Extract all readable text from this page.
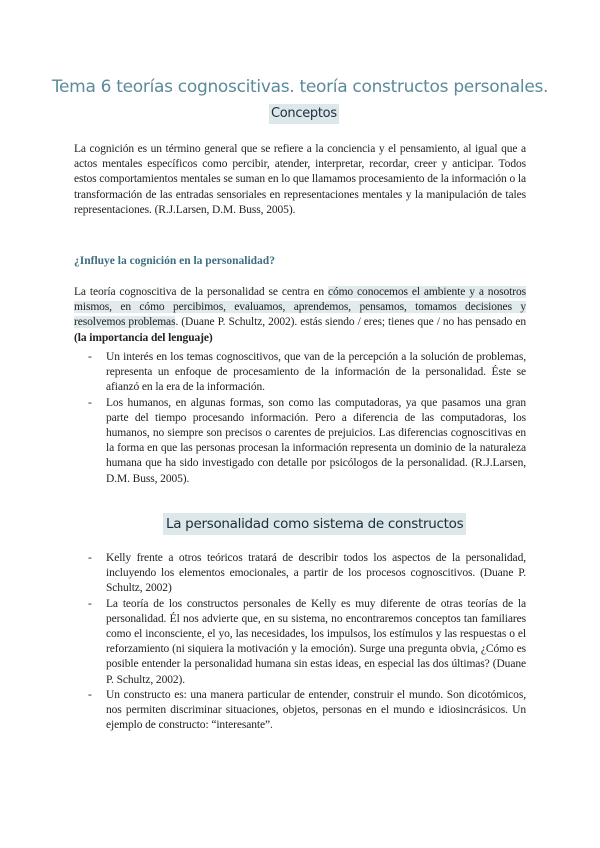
Tema 6 teorías cognoscitivas. teoría constructos personales.
Conceptos

La cognición es un término general que se refiere a la conciencia y el pensamiento, al igual que a actos mentales específicos como percibir, atender, interpretar, recordar, creer y anticipar. Todos estos comportamientos mentales se suman en lo que llamamos procesamiento de la información o la transformación de las entradas sensoriales en representaciones mentales y la manipulación de tales representaciones. (R.J.Larsen, D.M. Buss, 2005).

¿Influye la cognición en la personalidad?

La teoría cognoscitiva de la personalidad se centra en cómo conocemos el ambiente y a nosotros mismos, en cómo percibimos, evaluamos, aprendemos, pensamos, tomamos decisiones y resolvemos problemas. (Duane P. Schultz, 2002). estás siendo / eres; tienes que / no has pensado en (la importancia del lenguaje)

- Un interés en los temas cognoscitivos, que van de la percepción a la solución de problemas, representa un enfoque de procesamiento de la información de la personalidad. Éste se afianzó en la era de la información.
- Los humanos, en algunas formas, son como las computadoras, ya que pasamos una gran parte del tiempo procesando información. Pero a diferencia de las computadoras, los humanos, no siempre son precisos o carentes de prejuicios. Las diferencias cognoscitivas en la forma en que las personas procesan la información representa un dominio de la naturaleza humana que ha sido investigado con detalle por psicólogos de la personalidad. (R.J.Larsen, D.M. Buss, 2005).
La personalidad como sistema de constructos
- Kelly frente a otros teóricos tratará de describir todos los aspectos de la personalidad, incluyendo los elementos emocionales, a partir de los procesos cognoscitivos. (Duane P. Schultz, 2002)
- La teoría de los constructos personales de Kelly es muy diferente de otras teorías de la personalidad. Él nos advierte que, en su sistema, no encontraremos conceptos tan familiares como el inconsciente, el yo, las necesidades, los impulsos, los estímulos y las respuestas o el reforzamiento (ni siquiera la motivación y la emoción). Surge una pregunta obvia, ¿Cómo es posible entender la personalidad humana sin estas ideas, en especial las dos últimas? (Duane P. Schultz, 2002).
- Un constructo es: una manera particular de entender, construir el mundo. Son dicotómicos, nos permiten discriminar situaciones, objetos, personas en el mundo e idiosincrásicos. Un ejemplo de constructo: “interesante”.
